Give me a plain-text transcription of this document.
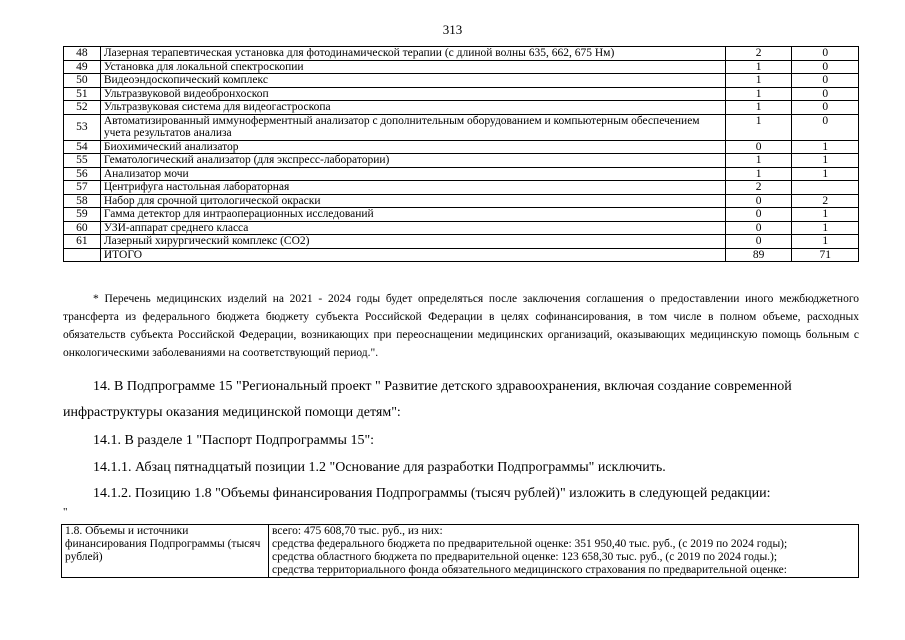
313
48	Лазерная терапевтическая установка для фотодинамической терапии (с длиной волны 635, 662, 675 Нм)	2	0
49	Установка для локальной спектроскопии	1	0
50	Видеоэндоскопический комплекс	1	0
51	Ультразвуковой видеобронхоскоп	1	0
52	Ультразвуковая система для видеогастроскопа	1	0
53	Автоматизированный иммуноферментный анализатор с дополнительным оборудованием и компьютерным обеспечением учета результатов анализа	1	0
54	Биохимический анализатор	0	1
55	Гематологический анализатор (для экспресс-лаборатории)	1	1
56	Анализатор мочи	1	1
57	Центрифуга настольная лабораторная	2	
58	Набор для срочной цитологической окраски	0	2
59	Гамма детектор для интраоперационных исследований	0	1
60	УЗИ-аппарат среднего класса	0	1
61	Лазерный хирургический комплекс (СО2)	0	1
	ИТОГО	89	71

* Перечень медицинских изделий на 2021 - 2024 годы будет определяться после заключения соглашения о предоставлении иного межбюджетного трансферта из федерального бюджета бюджету субъекта Российской Федерации в целях софинансирования, в том числе в полном объеме, расходных обязательств субъекта Российской Федерации, возникающих при переоснащении медицинских организаций, оказывающих медицинскую помощь больным с онкологическими заболеваниями на соответствующий период.".

14. В Подпрограмме 15 "Региональный проект " Развитие детского здравоохранения, включая создание современной инфраструктуры оказания медицинской помощи детям":

14.1. В разделе 1 "Паспорт Подпрограммы 15":

14.1.1. Абзац пятнадцатый позиции 1.2 "Основание для разработки Подпрограммы" исключить.

14.1.2. Позицию 1.8 "Объемы финансирования Подпрограммы (тысяч рублей)" изложить в следующей редакции:

"
1.8. Объемы и источники финансирования Подпрограммы (тысяч рублей)	
всего: 475 608,70 тыс. руб., из них:
средства федерального бюджета по предварительной оценке: 351 950,40 тыс. руб., (с 2019 по 2024 годы);
средства областного бюджета по предварительной оценке: 123 658,30 тыс. руб., (с 2019 по 2024 годы.);
средства территориального фонда обязательного медицинского страхования по предварительной оценке:
